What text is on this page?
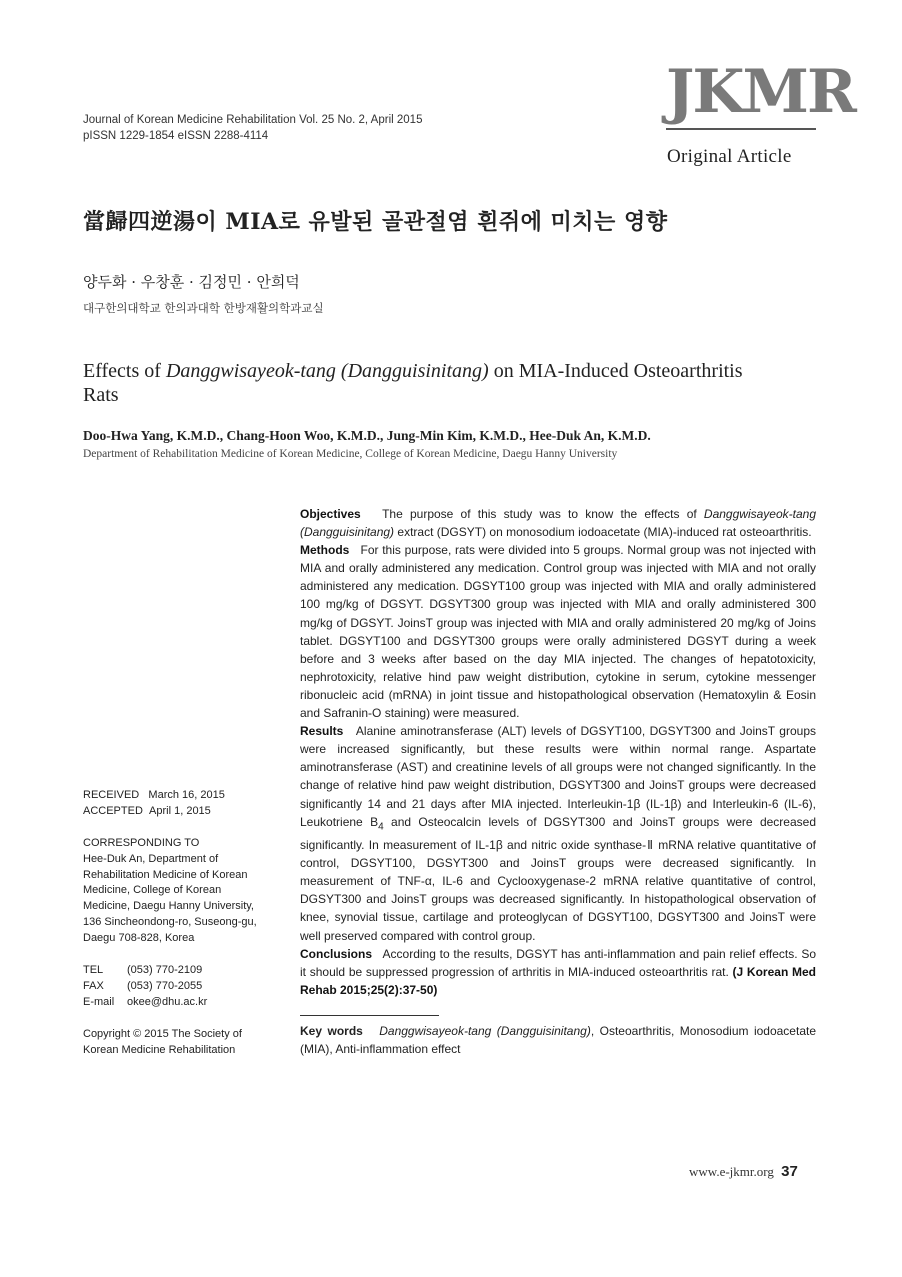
Journal of Korean Medicine Rehabilitation Vol. 25 No. 2, April 2015
pISSN 1229-1854 eISSN 2288-4114
JKMR
Original Article
當歸四逆湯이 MIA로 유발된 골관절염 흰쥐에 미치는 영향
양두화 · 우창훈 · 김정민 · 안희덕
대구한의대학교 한의과대학 한방재활의학과교실
Effects of Danggwisayeok-tang (Dangguisinitang) on MIA-Induced Osteoarthritis Rats
Doo-Hwa Yang, K.M.D., Chang-Hoon Woo, K.M.D., Jung-Min Kim, K.M.D., Hee-Duk An, K.M.D.
Department of Rehabilitation Medicine of Korean Medicine, College of Korean Medicine, Daegu Hanny University

Objectives The purpose of this study was to know the effects of Danggwisayeok-tang (Dangguisinitang) extract (DGSYT) on monosodium iodoacetate (MIA)-induced rat osteoarthritis.

Methods For this purpose, rats were divided into 5 groups. Normal group was not injected with MIA and orally administered any medication. Control group was injected with MIA and not orally administered any medication. DGSYT100 group was injected with MIA and orally administered 100 mg/kg of DGSYT. DGSYT300 group was injected with MIA and orally administered 300 mg/kg of DGSYT. JoinsT group was injected with MIA and orally administered 20 mg/kg of Joins tablet. DGSYT100 and DGSYT300 groups were orally administered DGSYT during a week before and 3 weeks after based on the day MIA injected. The changes of hepatotoxicity, nephrotoxicity, relative hind paw weight distribution, cytokine in serum, cytokine messenger ribonucleic acid (mRNA) in joint tissue and histopathological observation (Hematoxylin & Eosin and Safranin-O staining) were measured.

Results Alanine aminotransferase (ALT) levels of DGSYT100, DGSYT300 and JoinsT groups were increased significantly, but these results were within normal range. Aspartate aminotransferase (AST) and creatinine levels of all groups were not changed significantly. In the change of relative hind paw weight distribution, DGSYT300 and JoinsT groups were decreased significantly 14 and 21 days after MIA injected. Interleukin-1β (IL-1β) and Interleukin-6 (IL-6), Leukotriene $B_4$ and Osteocalcin levels of DGSYT300 and JoinsT groups were decreased significantly. In measurement of IL-1β and nitric oxide synthase-Ⅱ mRNA relative quantitative of control, DGSYT100, DGSYT300 and JoinsT groups were decreased significantly. In measurement of TNF-α, IL-6 and Cyclooxygenase-2 mRNA relative quantitative of control, DGSYT300 and JoinsT groups was decreased significantly. In histopathological observation of knee, synovial tissue, cartilage and proteoglycan of DGSYT100, DGSYT300 and JoinsT were well preserved compared with control group.

Conclusions According to the results, DGSYT has anti-inflammation and pain relief effects. So it should be suppressed progression of arthritis in MIA-induced osteoarthritis rat. (J Korean Med Rehab 2015;25(2):37-50)

RECEIVED March 16, 2015
ACCEPTED April 1, 2015
CORRESPONDING TO
Hee-Duk An, Department of
Rehabilitation Medicine of Korean
Medicine, College of Korean
Medicine, Daegu Hanny University,
136 Sincheondong-ro, Suseong-gu,
Daegu 708-828, Korea
TEL (053) 770-2109
FAX (053) 770-2055
E-mail okee@dhu.ac.kr
Copyright © 2015 The Society of
Korean Medicine Rehabilitation
Key words Danggwisayeok-tang (Dangguisinitang), Osteoarthritis, Monosodium iodoacetate (MIA), Anti-inflammation effect
www.e-jkmr.org 37
